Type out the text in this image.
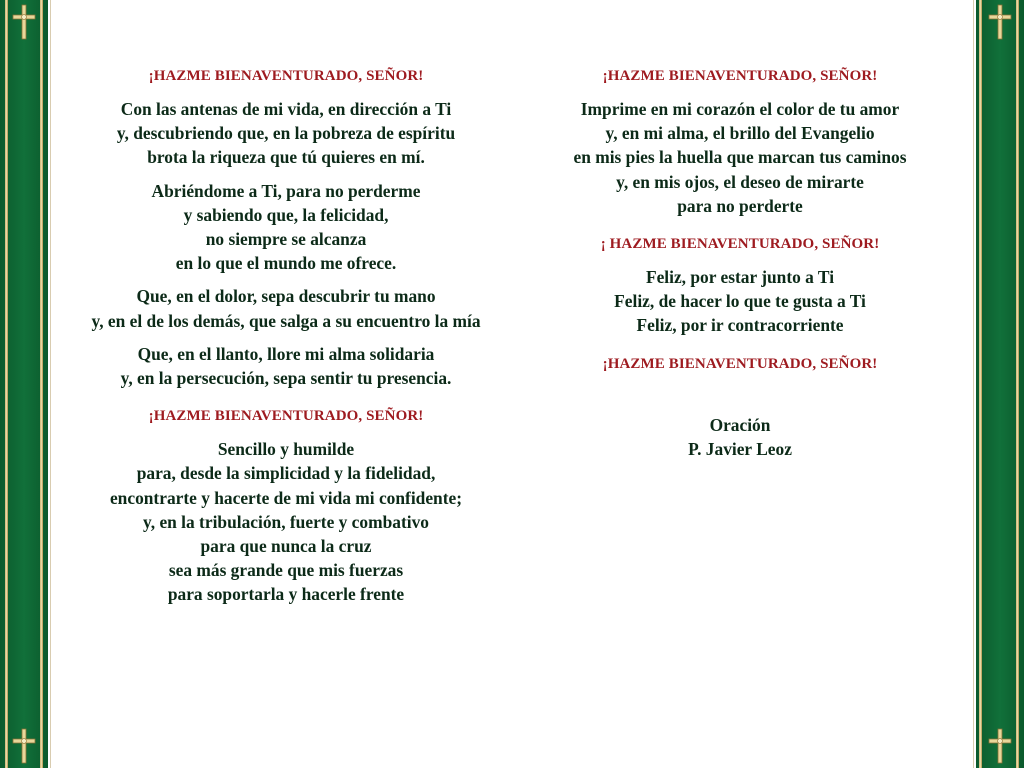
¡HAZME BIENAVENTURADO, SEÑOR!

Con las antenas de mi vida, en dirección a Ti
y, descubriendo que, en la pobreza de espíritu
brota la riqueza que tú quieres en mí.

Abriéndome a Ti, para no perderme
y sabiendo que, la felicidad,
no siempre se alcanza
en lo que el mundo me ofrece.

Que, en el dolor, sepa descubrir tu mano
y, en el de los demás, que salga a su encuentro la mía

Que, en el llanto, llore mi alma solidaria
y, en la persecución, sepa sentir tu presencia.

¡HAZME BIENAVENTURADO, SEÑOR!

Sencillo y humilde
para, desde la simplicidad y la fidelidad,
encontrarte y hacerte de mi vida mi confidente;
y, en la tribulación, fuerte y combativo
para que nunca la cruz
sea más grande que mis fuerzas
para soportarla y hacerle frente

¡HAZME BIENAVENTURADO, SEÑOR!

Imprime en mi corazón el color de tu amor
y, en mi alma, el brillo del Evangelio
en mis pies la huella que marcan tus caminos
y, en mis ojos, el deseo de mirarte
para no perderte

¡ HAZME BIENAVENTURADO, SEÑOR!

Feliz, por estar junto a Ti
Feliz, de hacer lo que te gusta a Ti
Feliz, por ir contracorriente

¡HAZME BIENAVENTURADO, SEÑOR!

Oración
P. Javier Leoz
